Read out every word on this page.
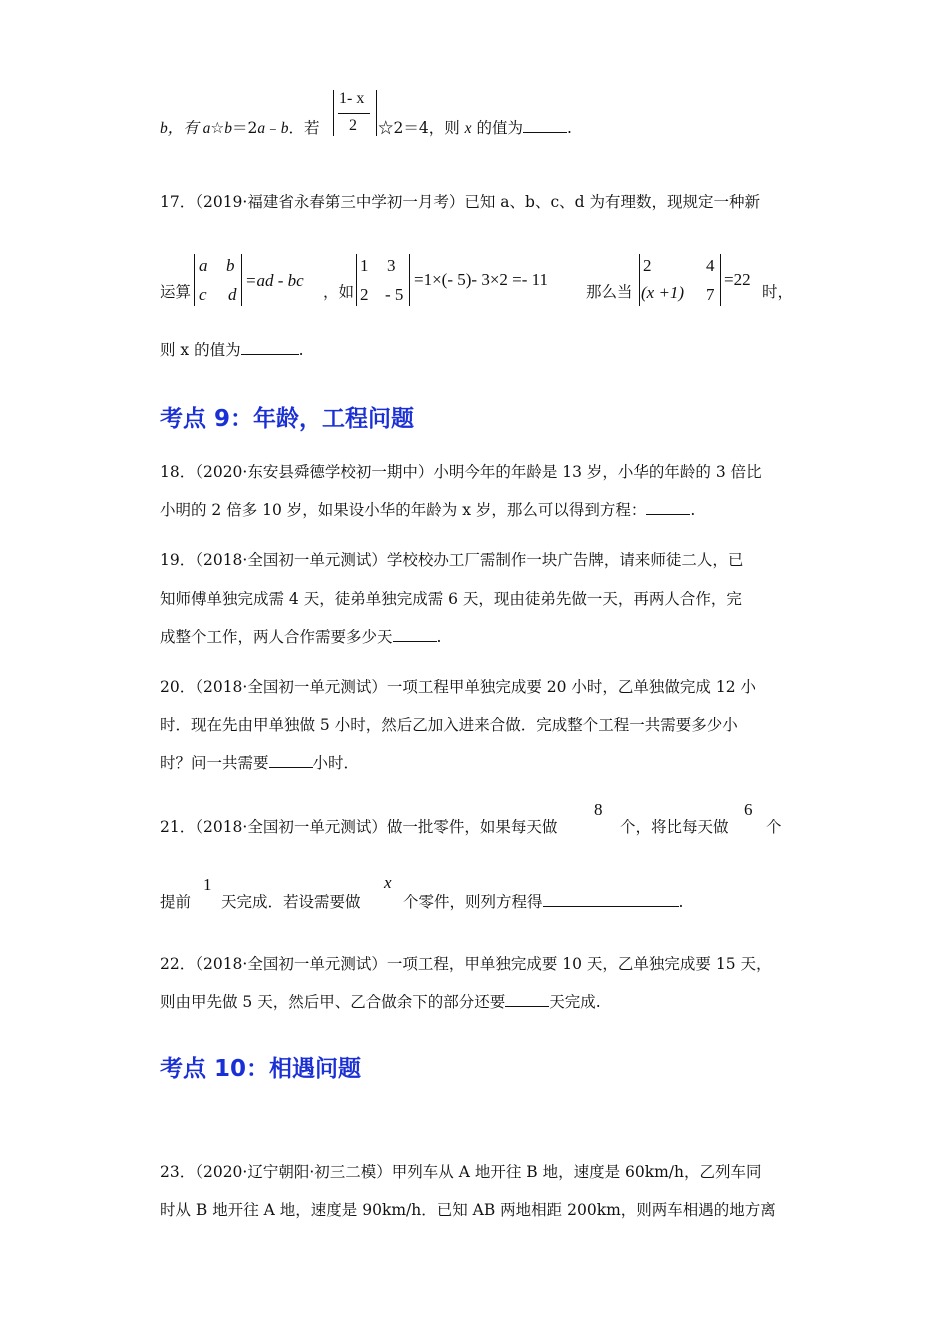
b，有 a☆b＝2a﹣b．若
1- x
2 ☆2＝4，则 x 的值为	.
17．（2019·福建省永春第三中学初一月考）已知 a、b、c、d 为有理数，现规定一种新
运算
a b
c d
=ad - bc
，如
1 3
2 - 5
=1×(- 5)- 3×2 =- 11
那么当
2	4
(x +1) 7
=22
时，
则 x 的值为	.
考点 9：年龄，工程问题
18．（2020·东安县舜德学校初一期中）小明今年的年龄是 13 岁，小华的年龄的 3 倍比
小明的 2 倍多 10 岁，如果设小华的年龄为 x 岁，那么可以得到方程：	.
19．（2018·全国初一单元测试）学校校办工厂需制作一块广告牌，请来师徒二人，已
知师傅单独完成需 4 天，徒弟单独完成需 6 天，现由徒弟先做一天，再两人合作，完
成整个工作，两人合作需要多少天	.
20．（2018·全国初一单元测试）一项工程甲单独完成要 20 小时，乙单独做完成 12 小
时．现在先由甲单独做 5 小时，然后乙加入进来合做．完成整个工程一共需要多少小
时？问一共需要	小时．
21．（2018·全国初一单元测试）做一批零件，如果每天做
8
个，将比每天做
6
个
提前
1
天完成．若设需要做
x
个零件，则列方程得	.
22．（2018·全国初一单元测试）一项工程，甲单独完成要 10 天，乙单独完成要 15 天，
则由甲先做 5 天，然后甲、乙合做余下的部分还要	天完成.
考点 10：相遇问题
23．（2020·辽宁朝阳·初三二模）甲列车从 A 地开往 B 地，速度是 60km/h，乙列车同
时从 B 地开往 A 地，速度是 90km/h．已知 AB 两地相距 200km，则两车相遇的地方离
